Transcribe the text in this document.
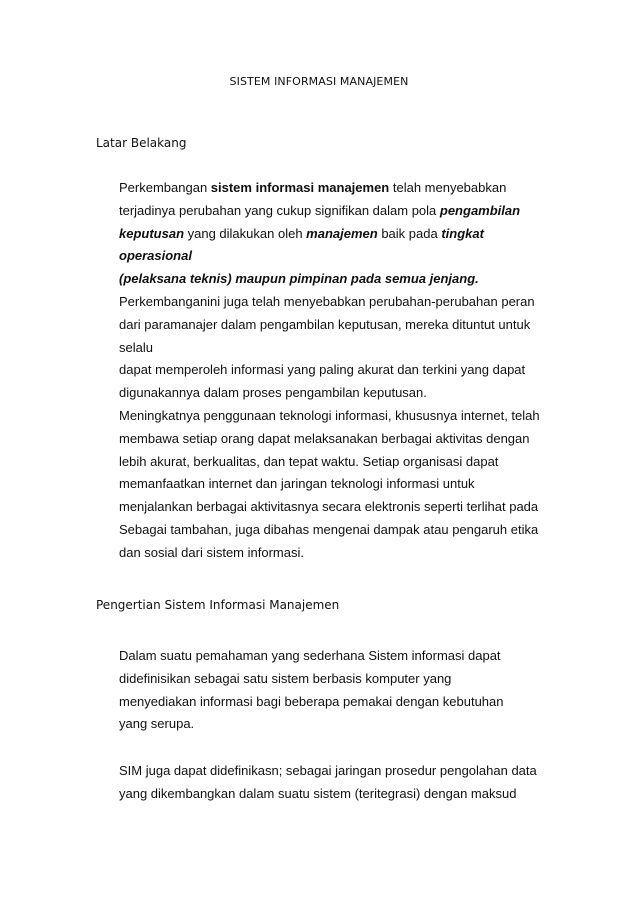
SISTEM INFORMASI MANAJEMEN
Latar Belakang
Perkembangan sistem informasi manajemen telah menyebabkan
terjadinya perubahan yang cukup signifikan dalam pola pengambilan
keputusan yang dilakukan oleh manajemen baik pada tingkat
operasional
(pelaksana teknis) maupun pimpinan pada semua jenjang.
Perkembanganini juga telah menyebabkan perubahan-perubahan peran
dari paramanajer dalam pengambilan keputusan, mereka dituntut untuk
selalu
dapat memperoleh informasi yang paling akurat dan terkini yang dapat
digunakannya dalam proses pengambilan keputusan.
Meningkatnya penggunaan teknologi informasi, khususnya internet, telah
membawa setiap orang dapat melaksanakan berbagai aktivitas dengan
lebih akurat, berkualitas, dan tepat waktu. Setiap organisasi dapat
memanfaatkan internet dan jaringan teknologi informasi untuk
menjalankan berbagai aktivitasnya secara elektronis seperti terlihat pada
Sebagai tambahan, juga dibahas mengenai dampak atau pengaruh etika
dan sosial dari sistem informasi.
Pengertian Sistem Informasi Manajemen
Dalam suatu pemahaman yang sederhana Sistem informasi dapat
didefinisikan sebagai satu sistem berbasis komputer yang
menyediakan informasi bagi beberapa pemakai dengan kebutuhan
yang serupa.
SIM juga dapat didefinikasn; sebagai jaringan prosedur pengolahan data
yang dikembangkan dalam suatu sistem (teritegrasi) dengan maksud
